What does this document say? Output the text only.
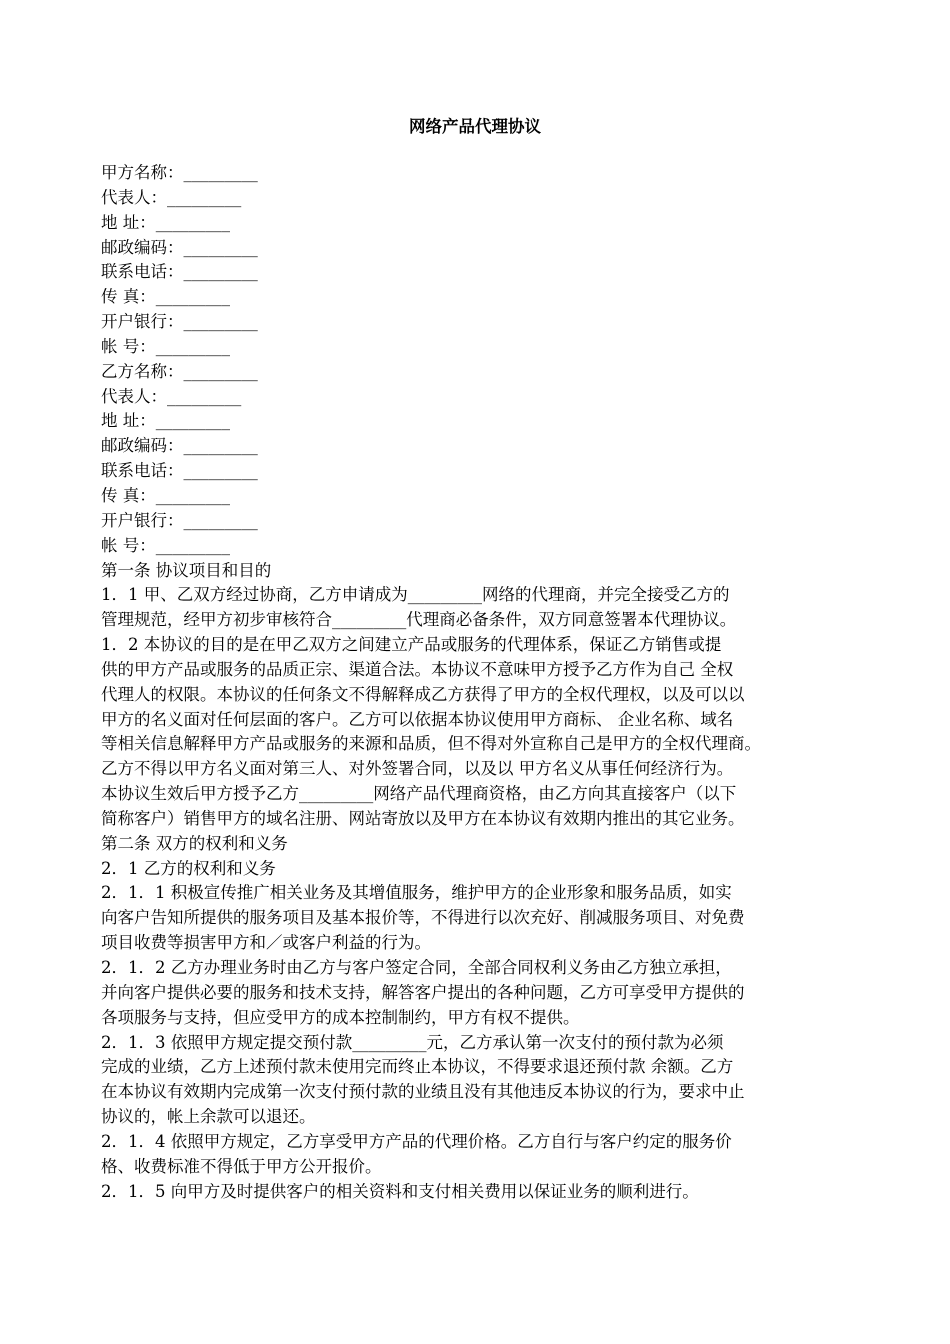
网络产品代理协议
甲方名称：_________
代表人：_________
地 址：_________
邮政编码：_________
联系电话：_________
传 真：_________
开户银行：_________
帐 号：_________
乙方名称：_________
代表人：_________
地 址：_________
邮政编码：_________
联系电话：_________
传 真：_________
开户银行：_________
帐 号：_________
第一条 协议项目和目的
1．1 甲、乙双方经过协商，乙方申请成为_________网络的代理商，并完全接受乙方的
管理规范，经甲方初步审核符合_________代理商必备条件，双方同意签署本代理协议。
1．2 本协议的目的是在甲乙双方之间建立产品或服务的代理体系，保证乙方销售或提
供的甲方产品或服务的品质正宗、渠道合法。本协议不意味甲方授予乙方作为自己 全权
代理人的权限。本协议的任何条文不得解释成乙方获得了甲方的全权代理权，以及可以以
甲方的名义面对任何层面的客户。乙方可以依据本协议使用甲方商标、 企业名称、域名
等相关信息解释甲方产品或服务的来源和品质，但不得对外宣称自己是甲方的全权代理商。
乙方不得以甲方名义面对第三人、对外签署合同，以及以 甲方名义从事任何经济行为。
本协议生效后甲方授予乙方_________网络产品代理商资格，由乙方向其直接客户（以下
简称客户）销售甲方的域名注册、网站寄放以及甲方在本协议有效期内推出的其它业务。
第二条 双方的权利和义务
2．1 乙方的权利和义务
2．1．1 积极宣传推广相关业务及其增值服务，维护甲方的企业形象和服务品质，如实
向客户告知所提供的服务项目及基本报价等，不得进行以次充好、削减服务项目、对免费
项目收费等损害甲方和／或客户利益的行为。
2．1．2 乙方办理业务时由乙方与客户签定合同，全部合同权利义务由乙方独立承担，
并向客户提供必要的服务和技术支持，解答客户提出的各种问题，乙方可享受甲方提供的
各项服务与支持，但应受甲方的成本控制制约，甲方有权不提供。
2．1．3 依照甲方规定提交预付款_________元，乙方承认第一次支付的预付款为必须
完成的业绩，乙方上述预付款未使用完而终止本协议，不得要求退还预付款 余额。乙方
在本协议有效期内完成第一次支付预付款的业绩且没有其他违反本协议的行为，要求中止
协议的，帐上余款可以退还。
2．1．4 依照甲方规定，乙方享受甲方产品的代理价格。乙方自行与客户约定的服务价
格、收费标准不得低于甲方公开报价。
2．1．5 向甲方及时提供客户的相关资料和支付相关费用以保证业务的顺利进行。
